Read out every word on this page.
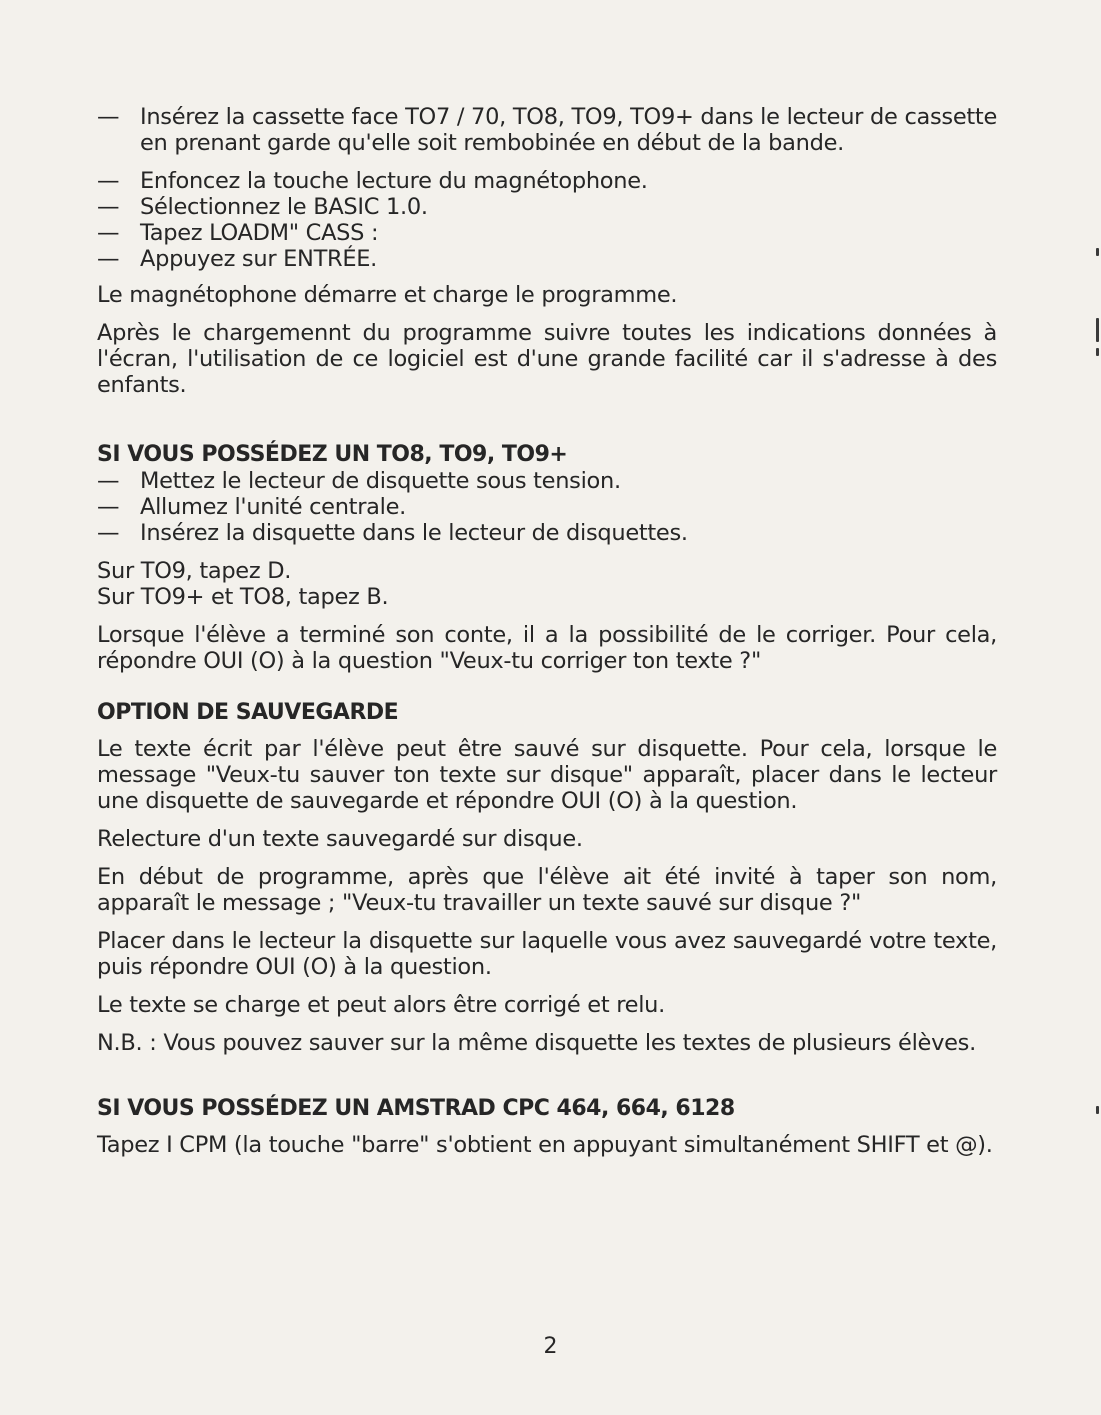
— Insérez la cassette face TO7 / 70, TO8, TO9, TO9+ dans le lecteur de cassette en prenant garde qu'elle soit rembobinée en début de la bande.
— Enfoncez la touche lecture du magnétophone.
— Sélectionnez le BASIC 1.0.
— Tapez LOADM" CASS :
— Appuyez sur ENTRÉE.

Le magnétophone démarre et charge le programme.

Après le chargemennt du programme suivre toutes les indications données à l'écran, l'utilisation de ce logiciel est d'une grande facilité car il s'adresse à des enfants.

SI VOUS POSSÉDEZ UN TO8, TO9, TO9+
— Mettez le lecteur de disquette sous tension.
— Allumez l'unité centrale.
— Insérez la disquette dans le lecteur de disquettes.

Sur TO9, tapez D.

Sur TO9+ et TO8, tapez B.

Lorsque l'élève a terminé son conte, il a la possibilité de le corriger. Pour cela, répondre OUI (O) à la question "Veux-tu corriger ton texte ?"

OPTION DE SAUVEGARDE

Le texte écrit par l'élève peut être sauvé sur disquette. Pour cela, lorsque le message "Veux-tu sauver ton texte sur disque" apparaît, placer dans le lecteur une disquette de sauvegarde et répondre OUI (O) à la question.

Relecture d'un texte sauvegardé sur disque.

En début de programme, après que l'élève ait été invité à taper son nom, apparaît le message ; "Veux-tu travailler un texte sauvé sur disque ?"

Placer dans le lecteur la disquette sur laquelle vous avez sauvegardé votre texte, puis répondre OUI (O) à la question.

Le texte se charge et peut alors être corrigé et relu.

N.B. : Vous pouvez sauver sur la même disquette les textes de plusieurs élèves.

SI VOUS POSSÉDEZ UN AMSTRAD CPC 464, 664, 6128

Tapez I CPM (la touche "barre" s'obtient en appuyant simultanément SHIFT et @).

2
